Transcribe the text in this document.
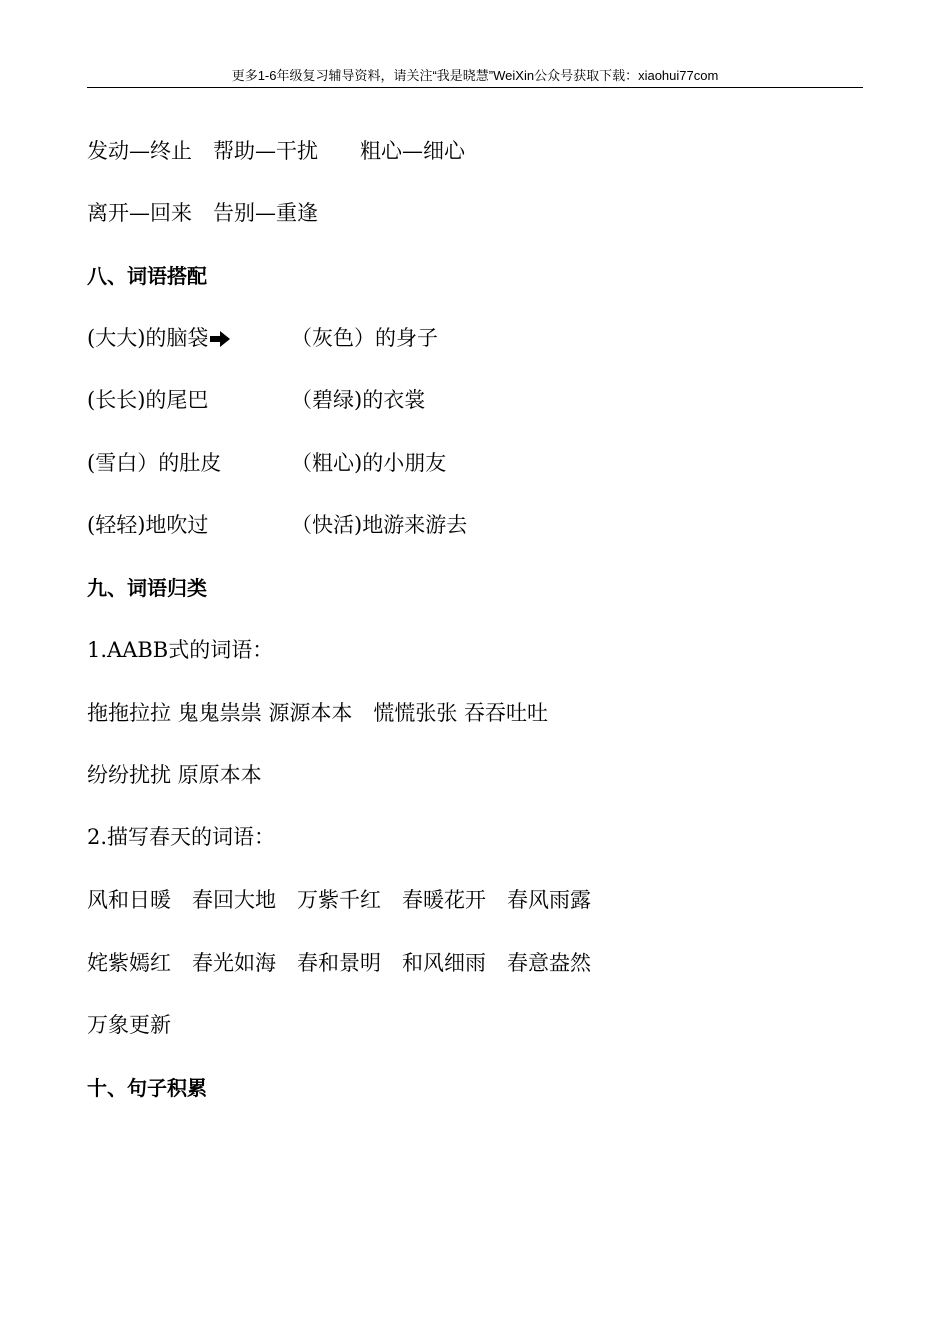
更多1-6年级复习辅导资料，请关注“我是晓慧”WeiXin公众号获取下载：xiaohui77com
发动—终止　帮助—干扰　　粗心—细心
离开—回来　告别—重逢
八、词语搭配
(大大)的脑袋	（灰色）的身子
(长长)的尾巴	（碧绿)的衣裳
(雪白）的肚皮	（粗心)的小朋友
(轻轻)地吹过	（快活)地游来游去
九、词语归类
1.AABB式的词语：
拖拖拉拉 鬼鬼祟祟 源源本本　慌慌张张 吞吞吐吐
纷纷扰扰 原原本本
2.描写春天的词语：
风和日暖　春回大地　万紫千红　春暖花开　春风雨露
姹紫嫣红　春光如海　春和景明　和风细雨　春意盎然
万象更新
十、句子积累
